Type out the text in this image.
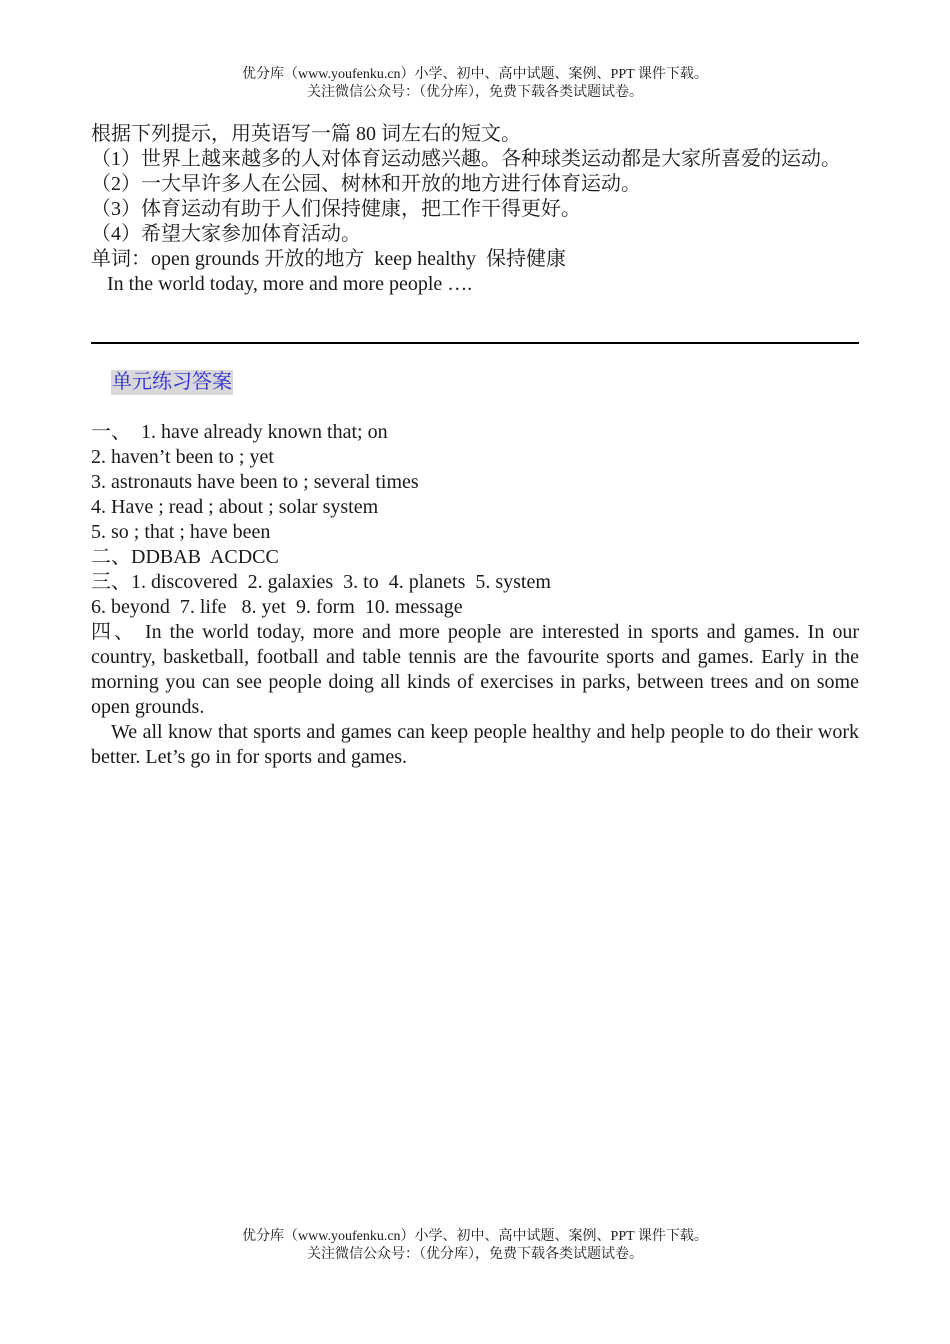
优分库（www.youfenku.cn）小学、初中、高中试题、案例、PPT 课件下载。
关注微信公众号：（优分库），免费下载各类试题试卷。
根据下列提示，用英语写一篇 80 词左右的短文。
（1）世界上越来越多的人对体育运动感兴趣。各种球类运动都是大家所喜爱的运动。
（2）一大早许多人在公园、树林和开放的地方进行体育运动。
（3）体育运动有助于人们保持健康，把工作干得更好。
（4）希望大家参加体育活动。
单词：open grounds 开放的地方  keep healthy  保持健康
In the world today, more and more people ….

单元练习答案

一、  1. have already known that; on
2. haven’t been to ; yet
3. astronauts have been to ; several times
4. Have ; read ; about ; solar system
5. so ; that ; have been
二、DDBAB  ACDCC
三、1. discovered  2. galaxies  3. to  4. planets  5. system
6. beyond  7. life   8. yet  9. form  10. message
四、 In the world today, more and more people are interested in sports and games. In our country, basketball, football and table tennis are the favourite sports and games. Early in the morning you can see people doing all kinds of exercises in parks, between trees and on some open grounds.
We all know that sports and games can keep people healthy and help people to do their work better. Let’s go in for sports and games.
优分库（www.youfenku.cn）小学、初中、高中试题、案例、PPT 课件下载。
关注微信公众号：（优分库），免费下载各类试题试卷。
